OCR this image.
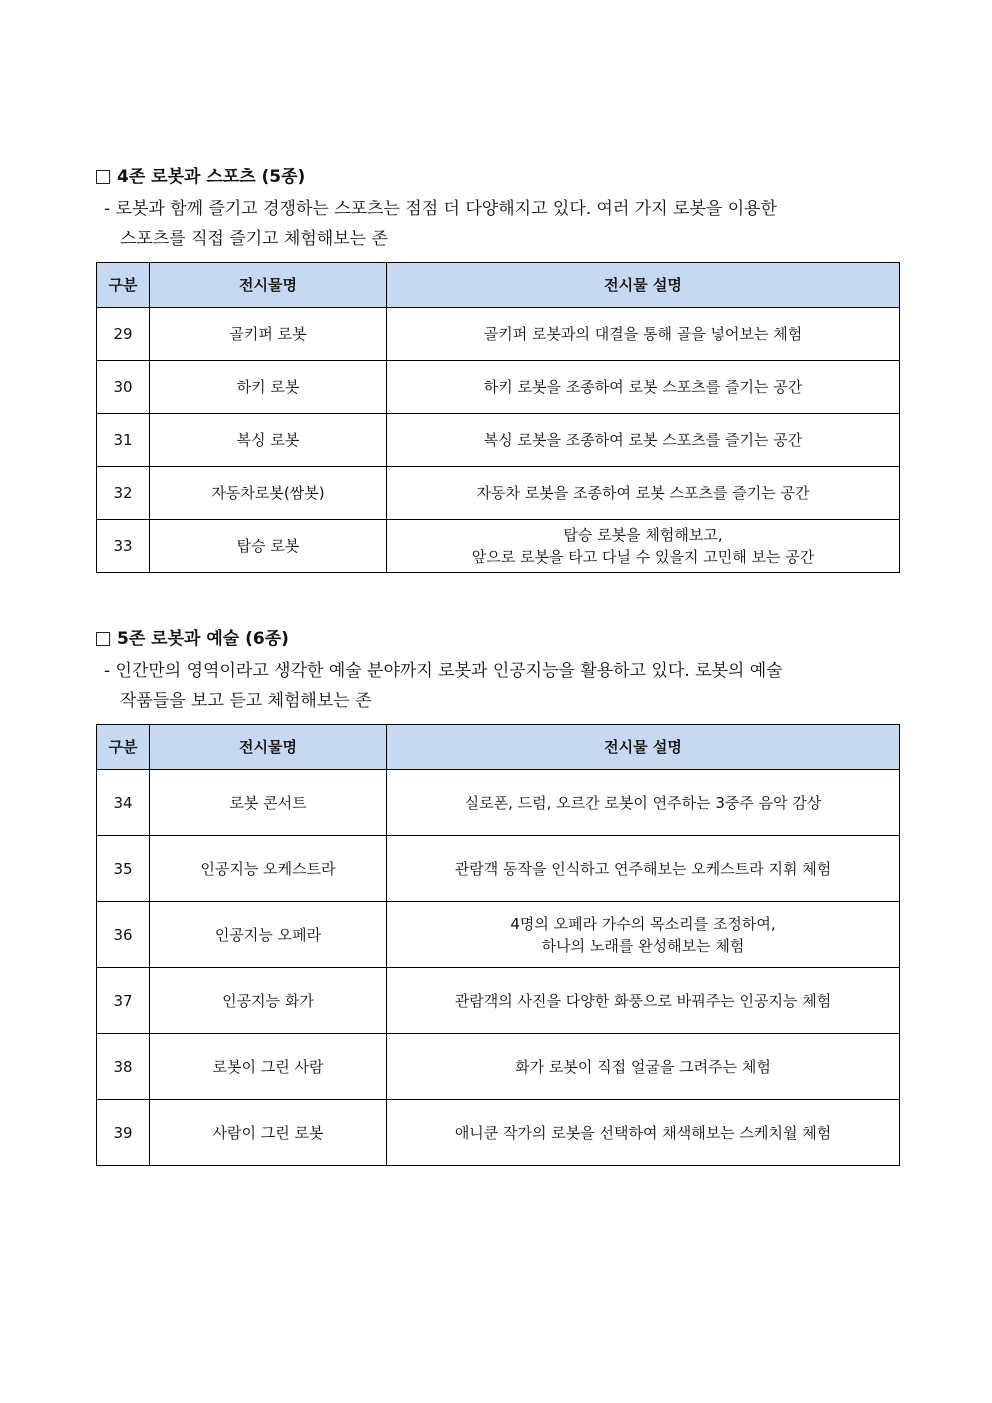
4존 로봇과 스포츠 (5종)
- 로봇과 함께 즐기고 경쟁하는 스포츠는 점점 더 다양해지고 있다. 여러 가지 로봇을 이용한
스포츠를 직접 즐기고 체험해보는 존
구분	전시물명	전시물 설명
29	골키퍼 로봇	골키퍼 로봇과의 대결을 통해 골을 넣어보는 체험

30	하키 로봇	하키 로봇을 조종하여 로봇 스포츠를 즐기는 공간

31	복싱 로봇	복싱 로봇을 조종하여 로봇 스포츠를 즐기는 공간

32	자동차로봇(쌈봇)	자동차 로봇을 조종하여 로봇 스포츠를 즐기는 공간

33	탑승 로봇	탑승 로봇을 체험해보고,
앞으로 로봇을 타고 다닐 수 있을지 고민해 보는 공간
5존 로봇과 예술 (6종)
- 인간만의 영역이라고 생각한 예술 분야까지 로봇과 인공지능을 활용하고 있다. 로봇의 예술
작품들을 보고 듣고 체험해보는 존
구분	전시물명	전시물 설명
34	로봇 콘서트	실로폰, 드럼, 오르간 로봇이 연주하는 3중주 음악 감상

35	인공지능 오케스트라	관람객 동작을 인식하고 연주해보는 오케스트라 지휘 체험

36	인공지능 오페라	4명의 오페라 가수의 목소리를 조정하여,
하나의 노래를 완성해보는 체험

37	인공지능 화가	관람객의 사진을 다양한 화풍으로 바꿔주는 인공지능 체험

38	로봇이 그린 사람	화가 로봇이 직접 얼굴을 그려주는 체험

39	사람이 그린 로봇	애니쿤 작가의 로봇을 선택하여 채색해보는 스케치월 체험
